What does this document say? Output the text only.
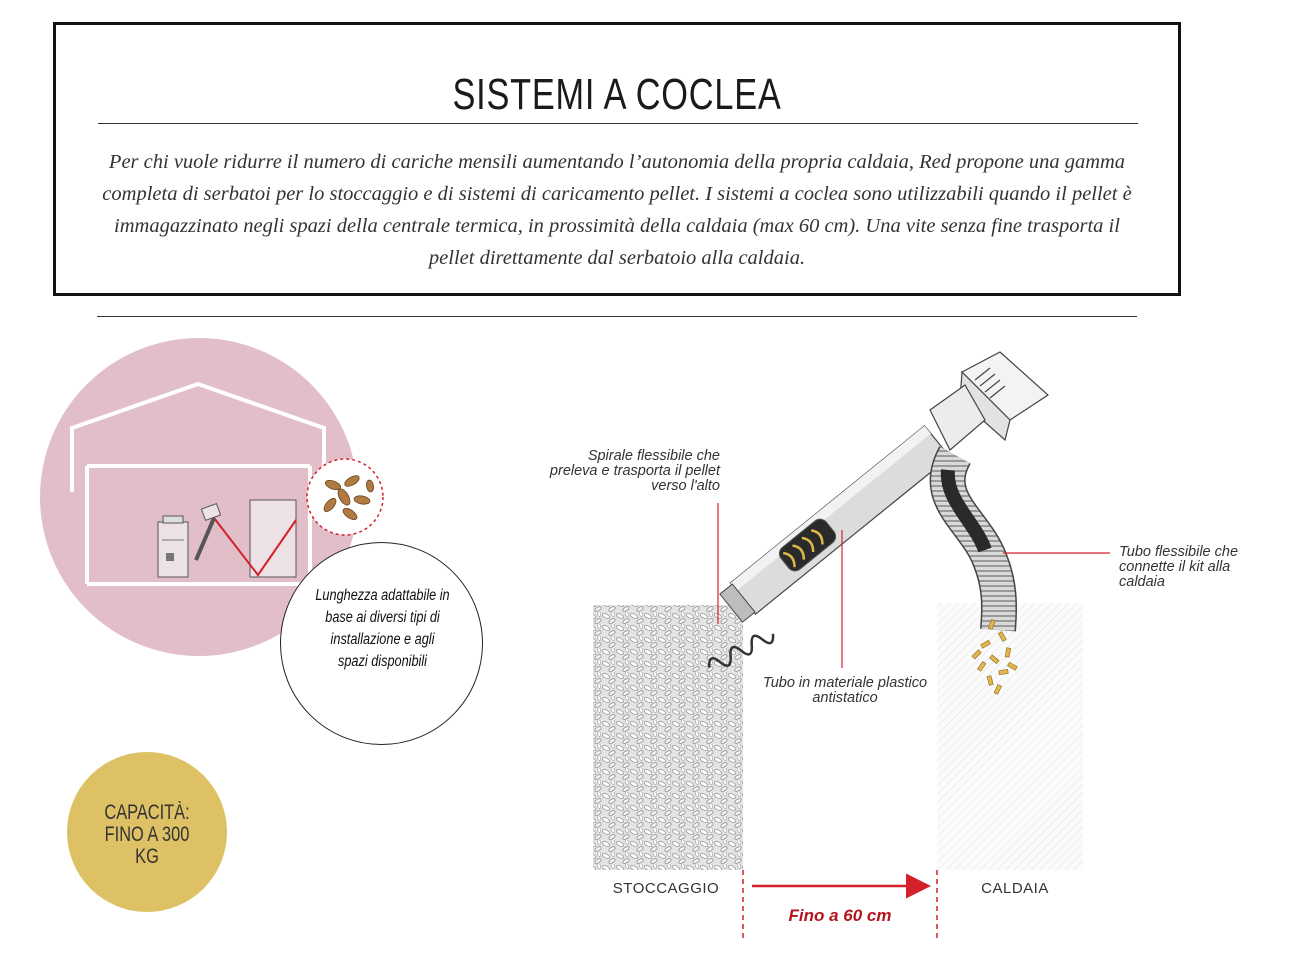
SISTEMI A COCLEA
Per chi vuole ridurre il numero di cariche mensili aumentando l’autonomia della propria caldaia, Red propone una gamma completa di serbatoi per lo stoccaggio e di sistemi di caricamento pellet. I sistemi a coclea sono utilizzabili quando il pellet è immagazzinato negli spazi della centrale termica, in prossimità della caldaia (max 60 cm). Una vite senza fine trasporta il pellet direttamente dal serbatoio alla caldaia.
Lunghezza adattabile in base ai diversi tipi di installazione e agli spazi disponibili
CAPACITÀ:
FINO A 300
KG
Spirale flessibile che preleva e trasporta il pellet verso l'alto
Tubo flessibile che connette il kit alla caldaia
Tubo in materiale plastico antistatico
STOCCAGGIO	CALDAIA
Fino a 60 cm
